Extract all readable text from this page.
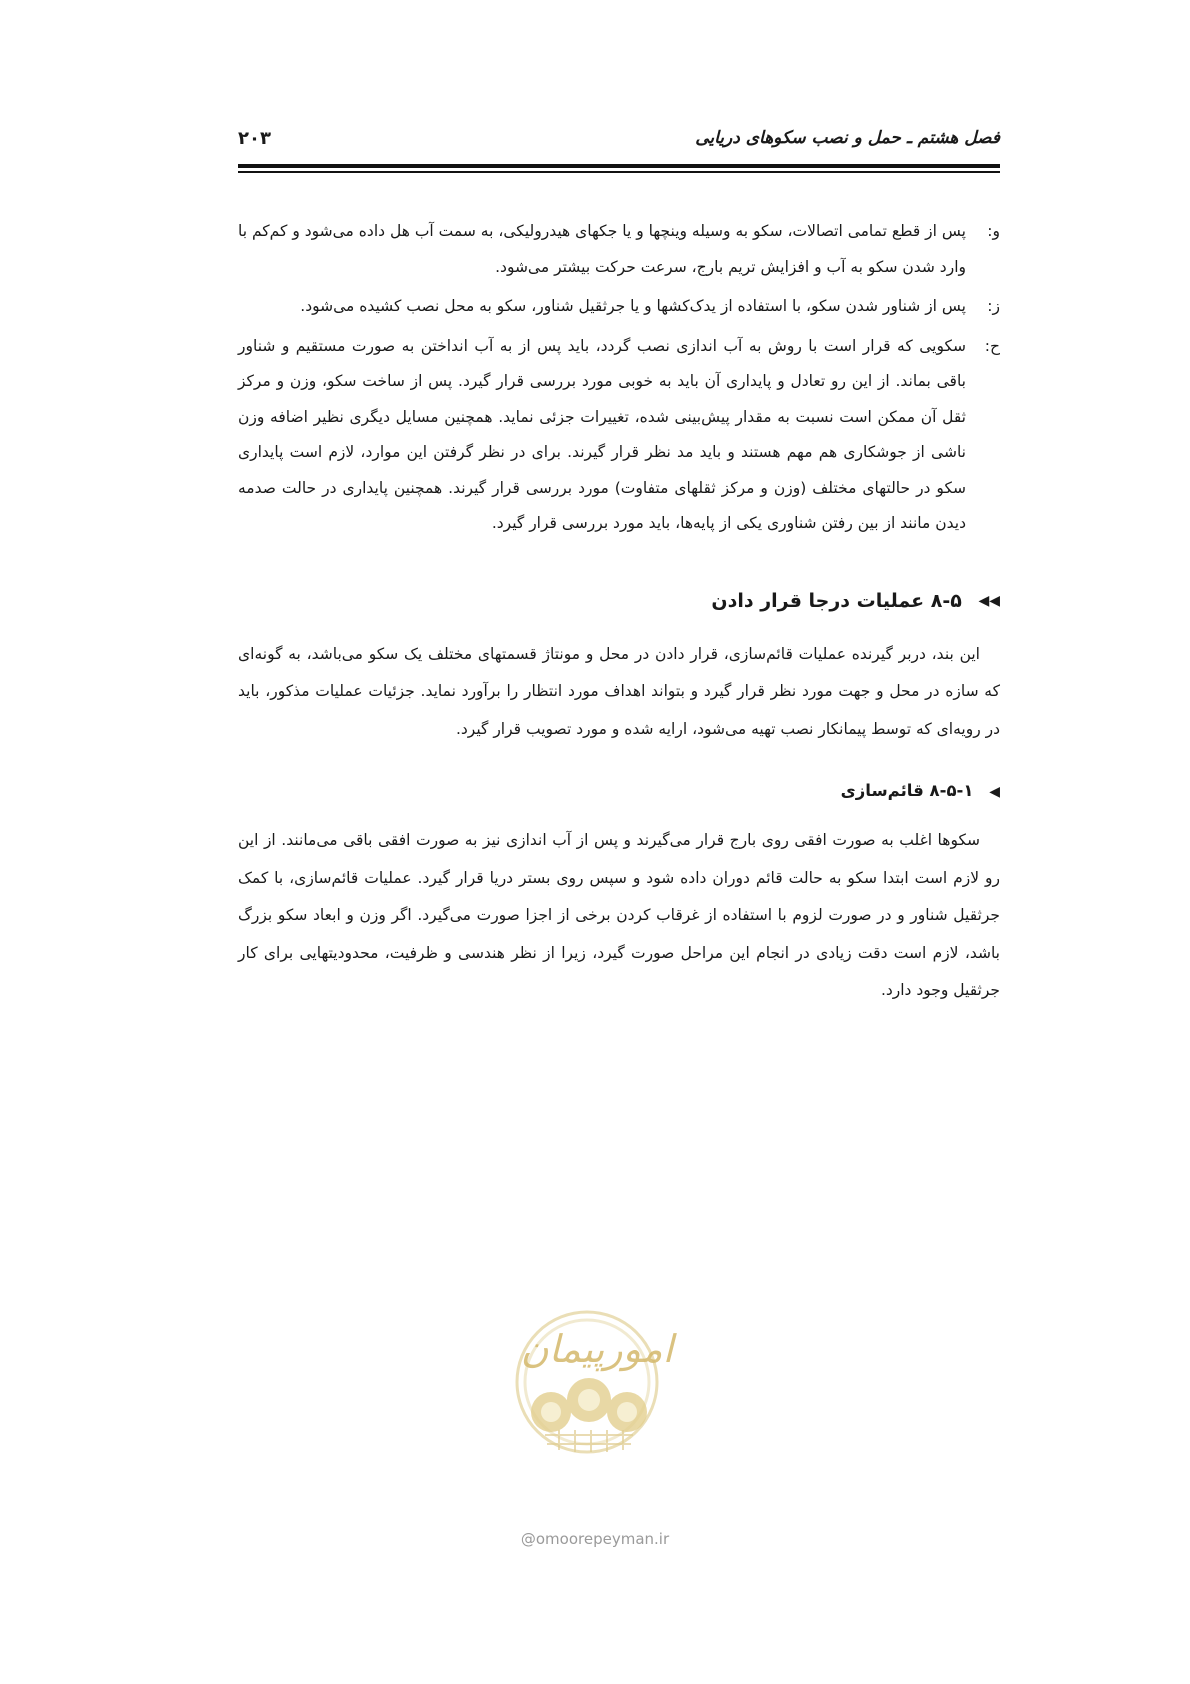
فصل هشتم ـ حمل و نصب سکوهای دریایی
۲۰۳
و:

پس از قطع تمامی اتصالات، سکو به وسیله وینچها و یا جکهای هیدرولیکی، به سمت آب هل داده می‌شود و کم‌کم با وارد شدن سکو به آب و افزایش تریم بارج، سرعت حرکت بیشتر می‌شود.

ز:

پس از شناور شدن سکو، با استفاده از یدک‌کشها و یا جرثقیل شناور، سکو به محل نصب کشیده می‌شود.

ح:

سکویی که قرار است با روش به آب اندازی نصب گردد، باید پس از به آب انداختن به صورت مستقیم و شناور باقی بماند. از این رو تعادل و پایداری آن باید به خوبی مورد بررسی قرار گیرد. پس از ساخت سکو، وزن و مرکز ثقل آن ممکن است نسبت به مقدار پیش‌بینی شده، تغییرات جزئی نماید. همچنین مسایل دیگری نظیر اضافه وزن ناشی از جوشکاری هم مهم هستند و باید مد نظر قرار گیرند. برای در نظر گرفتن این موارد، لازم است پایداری سکو در حالتهای مختلف (وزن و مرکز ثقلهای متفاوت) مورد بررسی قرار گیرند. همچنین پایداری در حالت صدمه دیدن مانند از بین رفتن شناوری یکی از پایه‌ها، باید مورد بررسی قرار گیرد.

◀◀ ۸-۵ عملیات درجا قرار دادن

این بند، دربر گیرنده عملیات قائم‌سازی، قرار دادن در محل و مونتاژ قسمتهای مختلف یک سکو می‌باشد، به گونه‌ای که سازه در محل و جهت مورد نظر قرار گیرد و بتواند اهداف مورد انتظار را برآورد نماید. جزئیات عملیات مذکور، باید در رویه‌ای که توسط پیمانکار نصب تهیه می‌شود، ارایه شده و مورد تصویب قرار گیرد.

◀ ۸-۵-۱ قائم‌سازی

سکوها اغلب به صورت افقی روی بارج قرار می‌گیرند و پس از آب اندازی نیز به صورت افقی باقی می‌مانند. از این رو لازم است ابتدا سکو به حالت قائم دوران داده شود و سپس روی بستر دریا قرار گیرد. عملیات قائم‌سازی، با کمک جرثقیل شناور و در صورت لزوم با استفاده از غرقاب کردن برخی از اجزا صورت می‌گیرد. اگر وزن و ابعاد سکو بزرگ باشد، لازم است دقت زیادی در انجام این مراحل صورت گیرد، زیرا از نظر هندسی و ظرفیت، محدودیتهایی برای کار جرثقیل وجود دارد.

امورپیمان
@omoorepeyman.ir
